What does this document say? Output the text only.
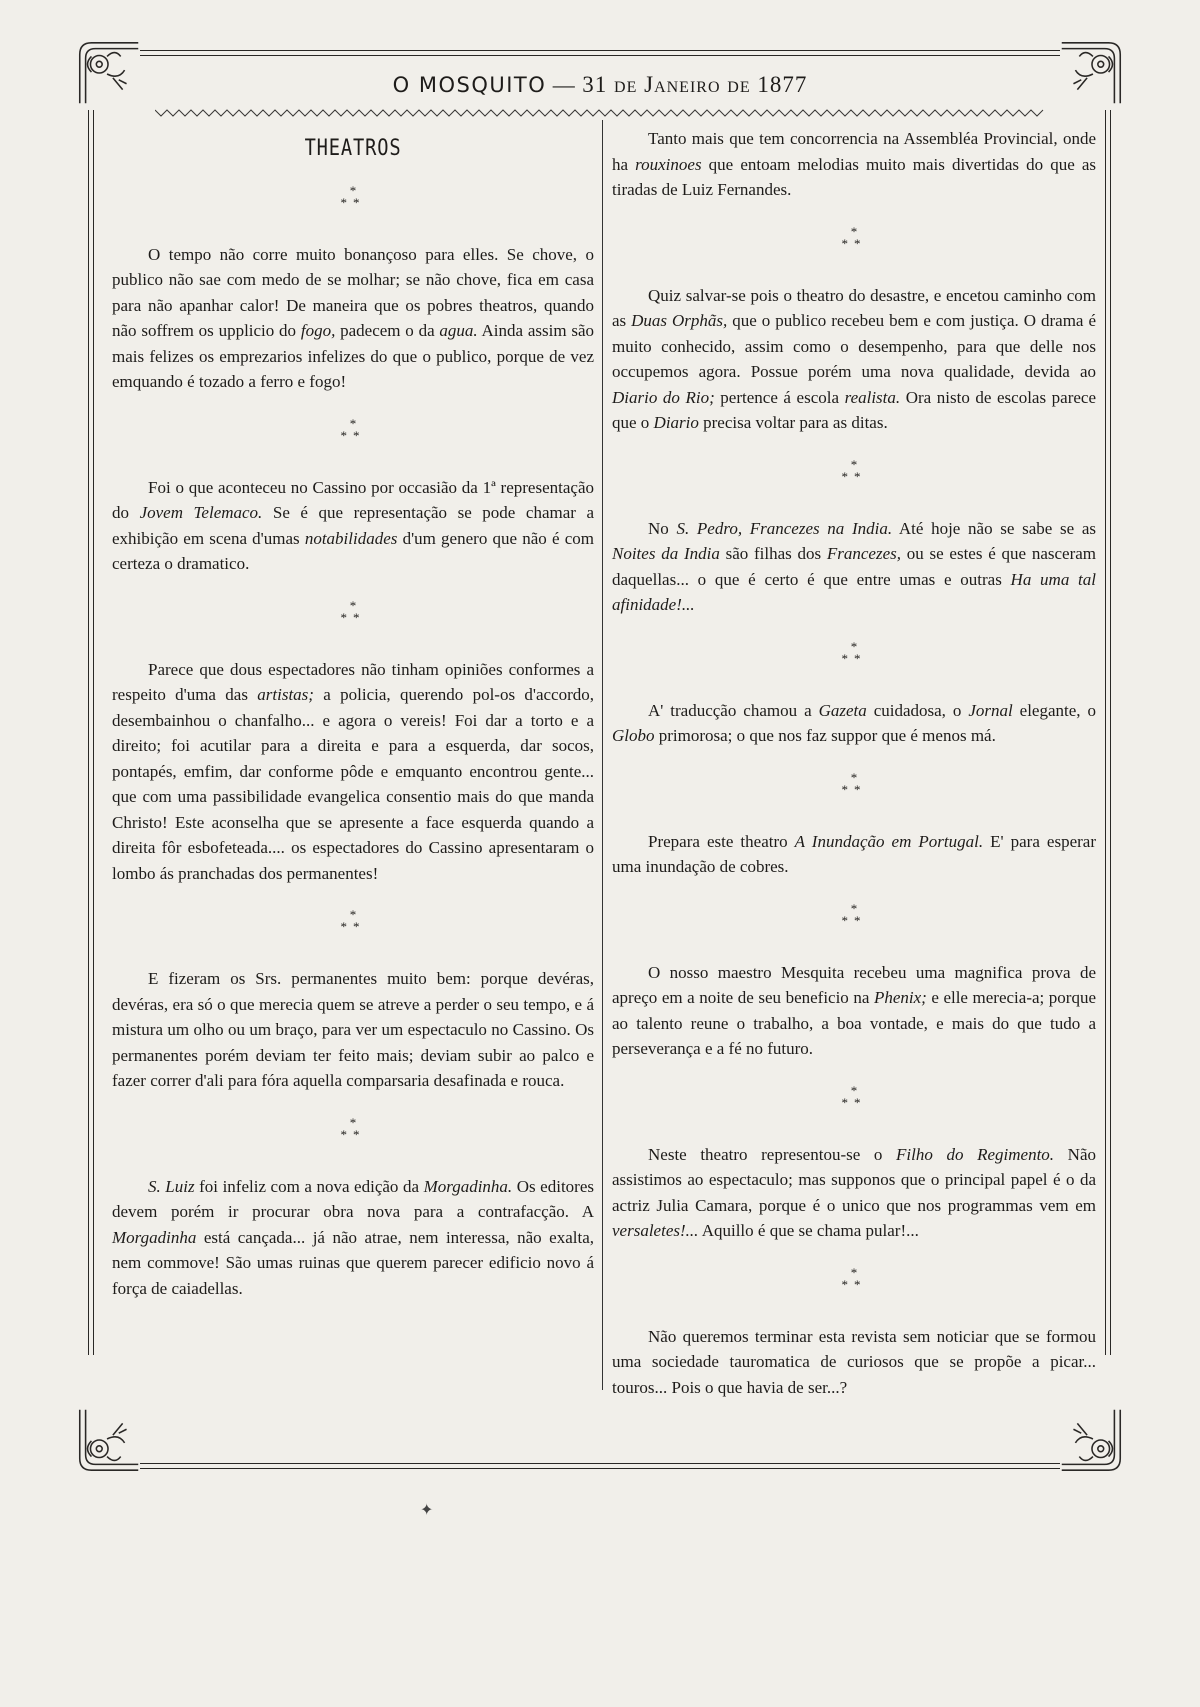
O MOSQUITO — 31 de Janeiro de 1877
THEATROS
*
**

O tempo não corre muito bonançoso para elles. Se chove, o publico não sae com medo de se molhar; se não chove, fica em casa para não apanhar calor! De maneira que os pobres theatros, quando não soffrem os upplicio do fogo, padecem o da agua. Ainda assim são mais felizes os emprezarios infelizes do que o publico, porque de vez emquando é tozado a ferro e fogo!

*
**

Foi o que aconteceu no Cassino por occasião da 1ª representação do Jovem Telemaco. Se é que representação se pode chamar a exhibição em scena d'umas notabilidades d'um genero que não é com certeza o dramatico.

*
**

Parece que dous espectadores não tinham opiniões conformes a respeito d'uma das artistas; a policia, querendo pol-os d'accordo, desembainhou o chanfalho... e agora o vereis! Foi dar a torto e a direito; foi acutilar para a direita e para a esquerda, dar socos, pontapés, emfim, dar conforme pôde e emquanto encontrou gente... que com uma passibilidade evangelica consentio mais do que manda Christo! Este aconselha que se apresente a face esquerda quando a direita fôr esbofeteada.... os espectadores do Cassino apresentaram o lombo ás pranchadas dos permanentes!

*
**

E fizeram os Srs. permanentes muito bem: porque devéras, devéras, era só o que merecia quem se atreve a perder o seu tempo, e á mistura um olho ou um braço, para ver um espectaculo no Cassino. Os permanentes porém deviam ter feito mais; deviam subir ao palco e fazer correr d'ali para fóra aquella comparsaria desafinada e rouca.

*
**

S. Luiz foi infeliz com a nova edição da Morgadinha. Os editores devem porém ir procurar obra nova para a contrafacção. A Morgadinha está cançada... já não atrae, nem interessa, não exalta, nem commove! São umas ruinas que querem parecer edificio novo á força de caiadellas.

Tanto mais que tem concorrencia na Assembléa Provincial, onde ha rouxinoes que entoam melodias muito mais divertidas do que as tiradas de Luiz Fernandes.

*
**

Quiz salvar-se pois o theatro do desastre, e encetou caminho com as Duas Orphãs, que o publico recebeu bem e com justiça. O drama é muito conhecido, assim como o desempenho, para que delle nos occupemos agora. Possue porém uma nova qualidade, devida ao Diario do Rio; pertence á escola realista. Ora nisto de escolas parece que o Diario precisa voltar para as ditas.

*
**

No S. Pedro, Francezes na India. Até hoje não se sabe se as Noites da India são filhas dos Francezes, ou se estes é que nasceram daquellas... o que é certo é que entre umas e outras Ha uma tal afinidade!...

*
**

A' traducção chamou a Gazeta cuidadosa, o Jornal elegante, o Globo primorosa; o que nos faz suppor que é menos má.

*
**

Prepara este theatro A Inundação em Portugal. E' para esperar uma inundação de cobres.

*
**

O nosso maestro Mesquita recebeu uma magnifica prova de apreço em a noite de seu beneficio na Phenix; e elle merecia-a; porque ao talento reune o trabalho, a boa vontade, e mais do que tudo a perseverança e a fé no futuro.

*
**

Neste theatro representou-se o Filho do Regimento. Não assistimos ao espectaculo; mas supponos que o principal papel é o da actriz Julia Camara, porque é o unico que nos programmas vem em versaletes!... Aquillo é que se chama pular!...

*
**

Não queremos terminar esta revista sem noticiar que se formou uma sociedade tauromatica de curiosos que se propõe a picar... touros... Pois o que havia de ser...?

✦
